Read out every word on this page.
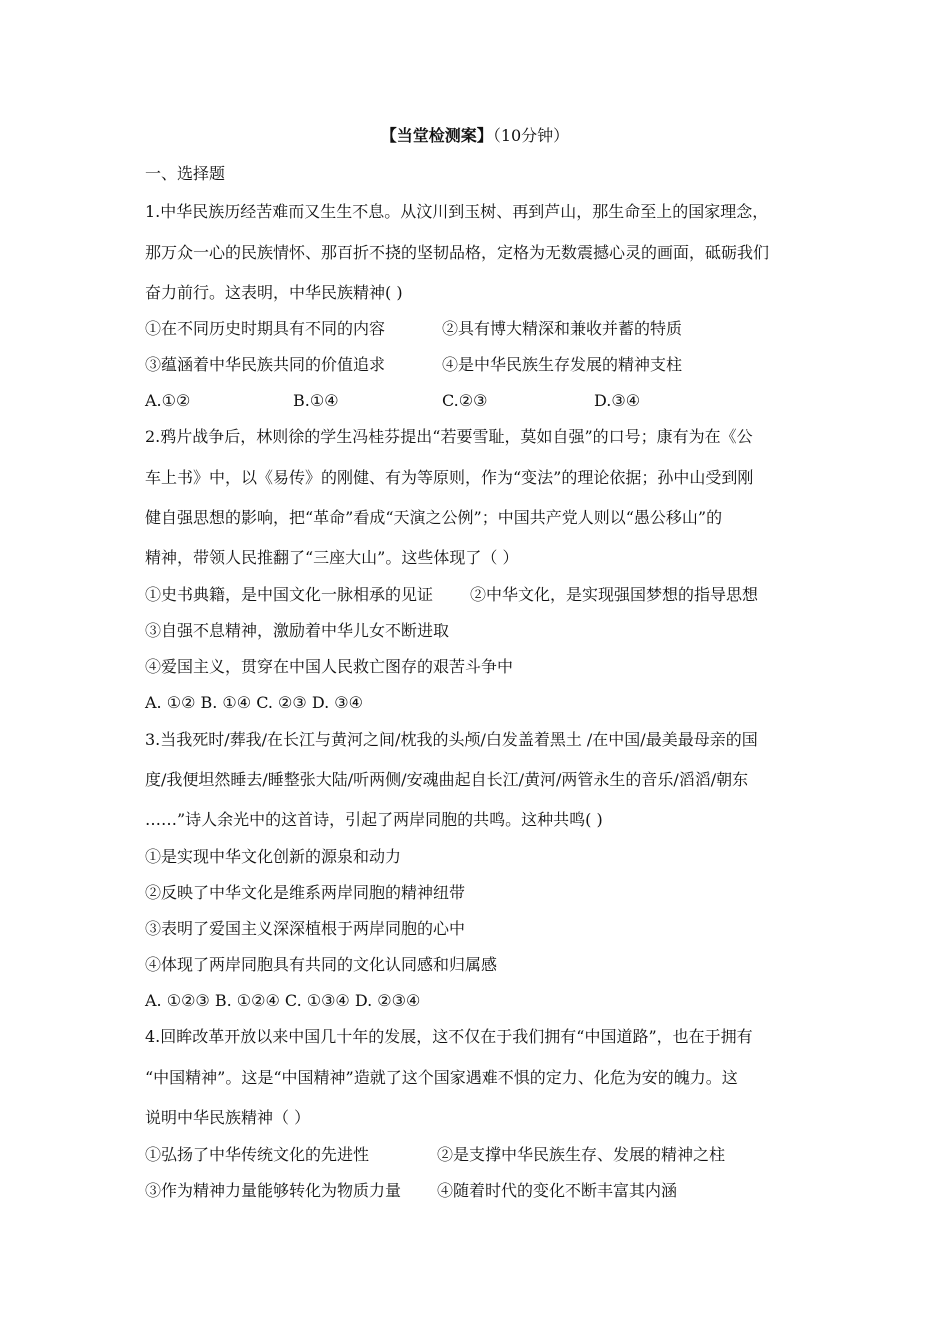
【当堂检测案】（10分钟）
一、选择题
1.中华民族历经苦难而又生生不息。从汶川到玉树、再到芦山，那生命至上的国家理念，
那万众一心的民族情怀、那百折不挠的坚韧品格，定格为无数震撼心灵的画面，砥砺我们
奋力前行。这表明，中华民族精神( )
①在不同历史时期具有不同的内容	②具有博大精深和兼收并蓄的特质
③蕴涵着中华民族共同的价值追求	④是中华民族生存发展的精神支柱
A.①②	B.①④	C.②③	D.③④
2.鸦片战争后，林则徐的学生冯桂芬提出“若要雪耻，莫如自强”的口号；康有为在《公
车上书》中，以《易传》的刚健、有为等原则，作为“变法”的理论依据；孙中山受到刚
健自强思想的影响，把“革命”看成“天演之公例”；中国共产党人则以“愚公移山”的
精神，带领人民推翻了“三座大山”。这些体现了（ ）
①史书典籍，是中国文化一脉相承的见证 ②中华文化，是实现强国梦想的指导思想
③自强不息精神，激励着中华儿女不断进取
④爱国主义，贯穿在中国人民救亡图存的艰苦斗争中
A. ①② B. ①④ C. ②③ D. ③④
3.当我死时/葬我/在长江与黄河之间/枕我的头颅/白发盖着黑土 /在中国/最美最母亲的国
度/我便坦然睡去/睡整张大陆/听两侧/安魂曲起自长江/黄河/两管永生的音乐/滔滔/朝东
……”诗人余光中的这首诗，引起了两岸同胞的共鸣。这种共鸣( )
①是实现中华文化创新的源泉和动力
②反映了中华文化是维系两岸同胞的精神纽带
③表明了爱国主义深深植根于两岸同胞的心中
④体现了两岸同胞具有共同的文化认同感和归属感
A. ①②③ B. ①②④ C. ①③④ D. ②③④
4.回眸改革开放以来中国几十年的发展，这不仅在于我们拥有“中国道路”，也在于拥有
“中国精神”。这是“中国精神”造就了这个国家遇难不惧的定力、化危为安的魄力。这
说明中华民族精神（ ）
①弘扬了中华传统文化的先进性	②是支撑中华民族生存、发展的精神之柱
③作为精神力量能够转化为物质力量 ④随着时代的变化不断丰富其内涵
